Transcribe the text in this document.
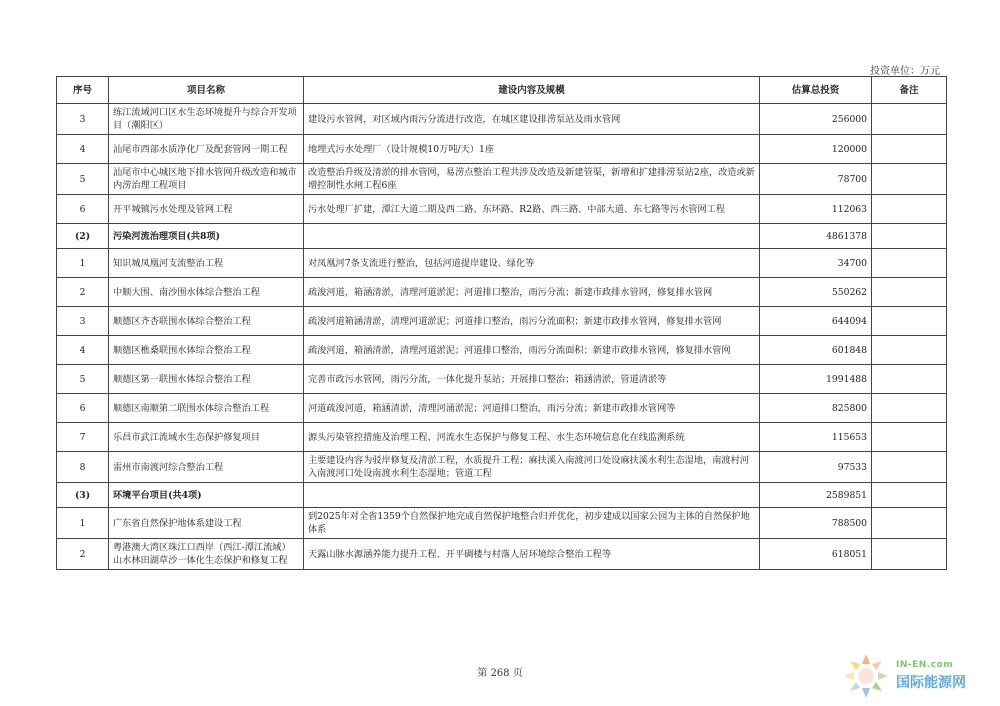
投资单位：万元
序号	项目名称	建设内容及规模	估算总投资	备注
3	练江流域河口区水生态环境提升与综合开发项目（潮阳区）	建设污水管网，对区域内雨污分流进行改造，在城区建设排涝泵站及雨水管网	256000	
4	汕尾市西部水质净化厂及配套管网一期工程	地埋式污水处理厂（设计规模10万吨/天）1座	120000	
5	汕尾市中心城区地下排水管网升级改造和城市内涝治理工程项目	改造整治升级及清淤的排水管网，易涝点整治工程共涉及改造及新建管渠，新增和扩建排涝泵站2座，改造或新增控制性水闸工程6座	78700	
6	开平城镇污水处理及管网工程	污水处理厂扩建，潭江大道二期及西二路、东环路、R2路、西三路、中部大道、东七路等污水管网工程	112063	
(2)	污染河流治理项目(共8项)		4861378	
1	知识城凤凰河支流整治工程	对凤凰河7条支流进行整治，包括河道提岸建设、绿化等	34700	
2	中顺大围、南沙围水体综合整治工程	疏浚河道，箱涵清淤，清理河道淤泥；河道排口整治，雨污分流；新建市政排水管网，修复排水管网	550262	
3	顺德区齐杏联围水体综合整治工程	疏浚河道箱涵清淤，清理河道淤泥；河道排口整治，雨污分流面积；新建市政排水管网，修复排水管网	644094	
4	顺德区樵桑联围水体综合整治工程	疏浚河道，箱涵清淤，清理河道淤泥；河道排口整治，雨污分流面积；新建市政排水管网，修复排水管网	601848	
5	顺德区第一联围水体综合整治工程	完善市政污水管网，雨污分流，一体化提升泵站；开展排口整治；箱涵清淤，管道清淤等	1991488	
6	顺德区南顺第二联围水体综合整治工程	河道疏浚河道，箱涵清淤，清理河涌淤泥；河道排口整治，雨污分流；新建市政排水管网等	825800	
7	乐昌市武江流域水生态保护修复项目	源头污染管控措施及治理工程、河流水生态保护与修复工程、水生态环境信息化在线监测系统	115653	
8	雷州市南渡河综合整治工程	主要建设内容为驳岸修复及清淤工程，水质提升工程；麻扶溪入南渡河口处设麻扶溪水利生态湿地，南渡村河入南渡河口处设南渡水利生态湿地；管道工程	97533	
(3)	环境平台项目(共4项)		2589851	
1	广东省自然保护地体系建设工程	到2025年对全省1359个自然保护地完成自然保护地整合归并优化，初步建成以国家公园为主体的自然保护地体系	788500	
2	粤港澳大湾区珠江口西岸（西江-潭江流域）山水林田湖草沙一体化生态保护和修复工程	天露山脉水源涵养能力提升工程、开平碉楼与村落人居环境综合整治工程等	618051	
第 268 页
IN-EN.com
国际能源网
